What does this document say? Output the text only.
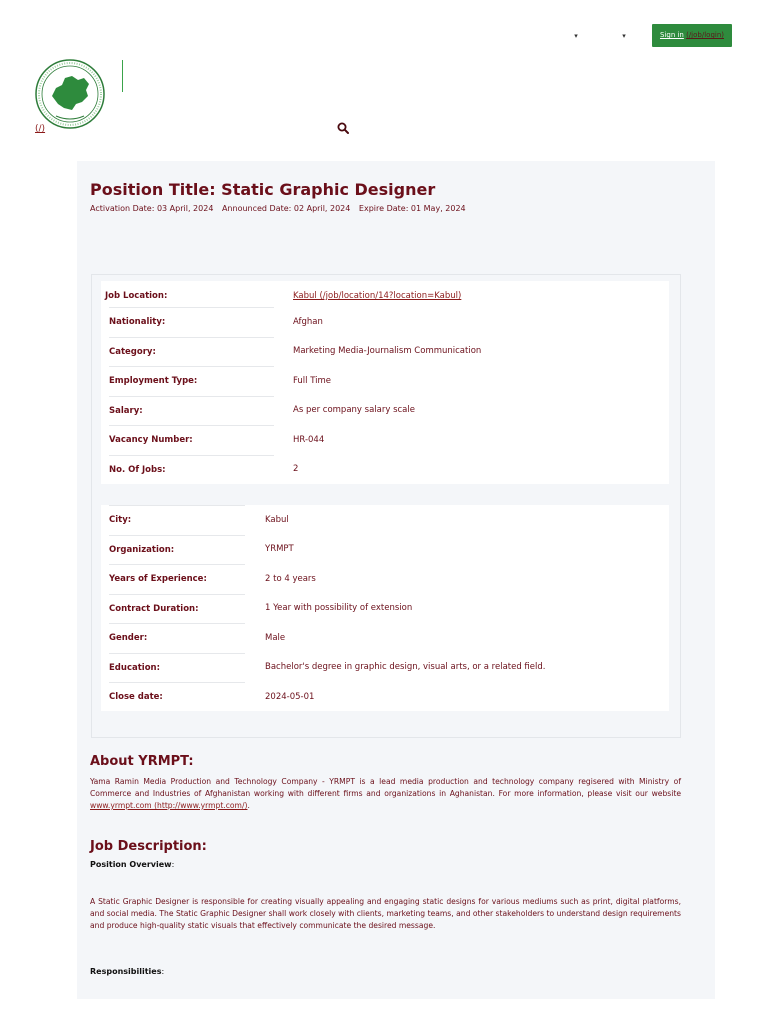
▾	▾	Sign in (/job/login)
(/)
Position Title: Static Graphic Designer
Activation Date: 03 April, 2024 Announced Date: 02 April, 2024 Expire Date: 01 May, 2024
Job Location:	Kabul (/job/location/14?location=Kabul)
Nationality:	Afghan
Category:	Marketing Media-Journalism Communication
Employment Type:	Full Time
Salary:	As per company salary scale
Vacancy Number:	HR-044
No. Of Jobs:	2
City:	Kabul
Organization:	YRMPT
Years of Experience:	2 to 4 years
Contract Duration:	1 Year with possibility of extension
Gender:	Male
Education:	Bachelor's degree in graphic design, visual arts, or a related field.
Close date:	2024-05-01
About YRMPT:
Yama Ramin Media Production and Technology Company - YRMPT is a lead media production and technology company regisered with Ministry of Commerce and Industries of Afghanistan working with different firms and organizations in Aghanistan. For more information, please visit our website www.yrmpt.com (http://www.yrmpt.com/).
Job Description:
Position Overview:
A Static Graphic Designer is responsible for creating visually appealing and engaging static designs for various mediums such as print, digital platforms, and social media. The Static Graphic Designer shall work closely with clients, marketing teams, and other stakeholders to understand design requirements and produce high-quality static visuals that effectively communicate the desired message.
Responsibilities:
